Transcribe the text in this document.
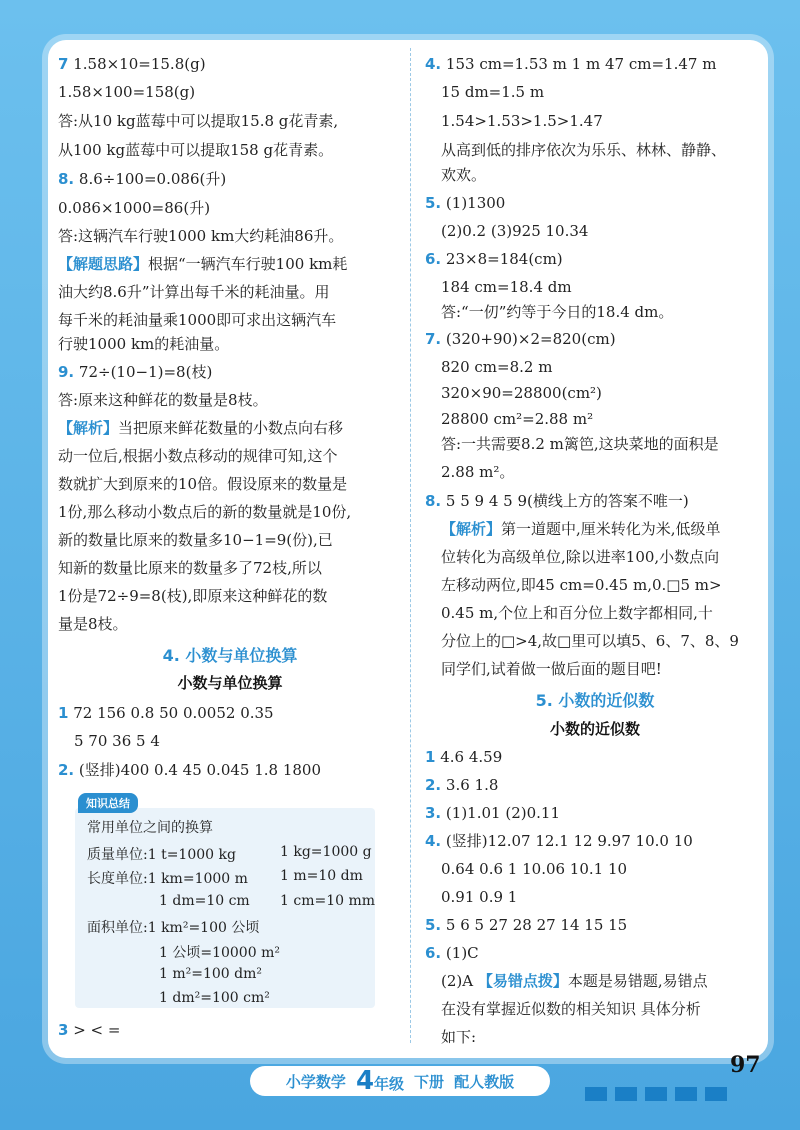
7 1.58×10=15.8(g)
1.58×100=158(g)
答:从10 kg蓝莓中可以提取15.8 g花青素,
从100 kg蓝莓中可以提取158 g花青素。
8. 8.6÷100=0.086(升)
0.086×1000=86(升)
答:这辆汽车行驶1000 km大约耗油86升。
【解题思路】根据“一辆汽车行驶100 km耗
油大约8.6升”计算出每千米的耗油量。用
每千米的耗油量乘1000即可求出这辆汽车
行驶1000 km的耗油量。
9. 72÷(10−1)=8(枝)
答:原来这种鲜花的数量是8枝。
【解析】当把原来鲜花数量的小数点向右移
动一位后,根据小数点移动的规律可知,这个
数就扩大到原来的10倍。假设原来的数量是
1份,那么移动小数点后的新的数量就是10份,
新的数量比原来的数量多10−1=9(份),已
知新的数量比原来的数量多了72枝,所以
1份是72÷9=8(枝),即原来这种鲜花的数
量是8枝。
4. 小数与单位换算
小数与单位换算
1 72 156 0.8 50 0.0052 0.35
5 70 36 5 4
2. (竖排)400 0.4 45 0.045 1.8 1800
知识总结
常用单位之间的换算
质量单位:1 t=1000 kg	1 kg=1000 g
长度单位:1 km=1000 m 1 m=10 dm
1 dm=10 cm 1 cm=10 mm
面积单位:1 km²=100 公顷
1 公顷=10000 m²
1 m²=100 dm²
1 dm²=100 cm²
3 > < =
4. 153 cm=1.53 m 1 m 47 cm=1.47 m
15 dm=1.5 m
1.54>1.53>1.5>1.47
从高到低的排序依次为乐乐、林林、静静、
欢欢。
5. (1)1300
(2)0.2 (3)925 10.34
6. 23×8=184(cm)
184 cm=18.4 dm
答:“一仞”约等于今日的18.4 dm。
7. (320+90)×2=820(cm)
820 cm=8.2 m
320×90=28800(cm²)
28800 cm²=2.88 m²
答:一共需要8.2 m篱笆,这块菜地的面积是
2.88 m²。
8. 5 5 9 4 5 9(横线上方的答案不唯一)
【解析】第一道题中,厘米转化为米,低级单
位转化为高级单位,除以进率100,小数点向
左移动两位,即45 cm=0.45 m,0.□5 m>
0.45 m,个位上和百分位上数字都相同,十
分位上的□>4,故□里可以填5、6、7、8、9
同学们,试着做一做后面的题目吧!
5. 小数的近似数
小数的近似数
1 4.6 4.59
2. 3.6 1.8
3. (1)1.01 (2)0.11
4. (竖排)12.07 12.1 12 9.97 10.0 10
0.64 0.6 1 10.06 10.1 10
0.91 0.9 1
5. 5 6 5 27 28 27 14 15 15
6. (1)C
(2)A 【易错点拨】本题是易错题,易错点
在没有掌握近似数的相关知识 具体分析
如下:
97
小学数学 4年级 下册 配人教版
